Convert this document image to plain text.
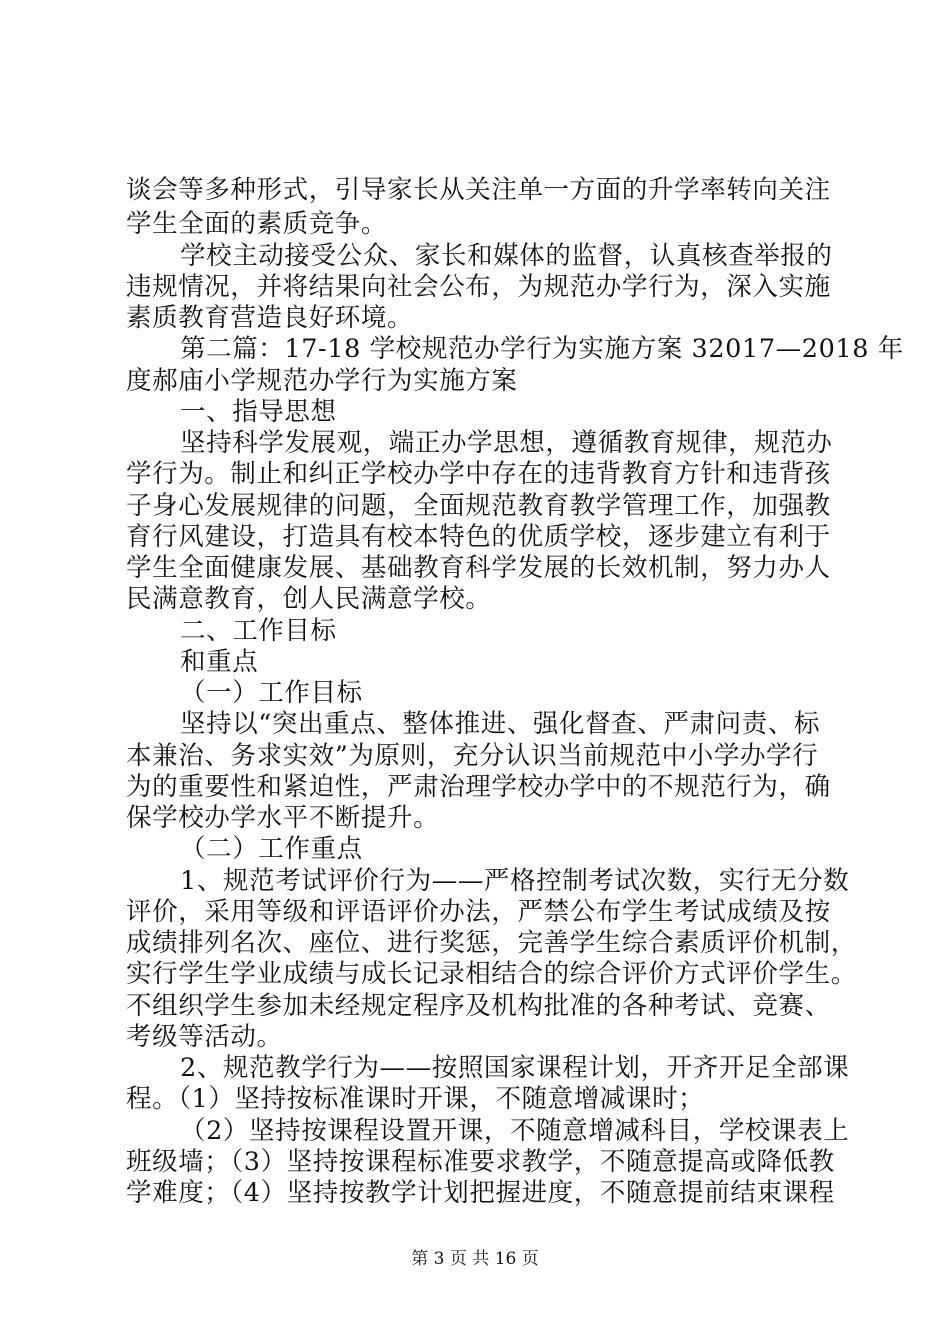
谈会等多种形式，引导家长从关注单一方面的升学率转向关注
学生全面的素质竞争。
学校主动接受公众、家长和媒体的监督，认真核查举报的
违规情况，并将结果向社会公布，为规范办学行为，深入实施
素质教育营造良好环境。
第二篇：17-18 学校规范办学行为实施方案 32017—2018 年
度郝庙小学规范办学行为实施方案
一、指导思想
坚持科学发展观，端正办学思想，遵循教育规律，规范办
学行为。制止和纠正学校办学中存在的违背教育方针和违背孩
子身心发展规律的问题，全面规范教育教学管理工作，加强教
育行风建设，打造具有校本特色的优质学校，逐步建立有利于
学生全面健康发展、基础教育科学发展的长效机制，努力办人
民满意教育，创人民满意学校。
二、工作目标
和重点
（一）工作目标
坚持以“突出重点、整体推进、强化督查、严肃问责、标
本兼治、务求实效”为原则，充分认识当前规范中小学办学行
为的重要性和紧迫性，严肃治理学校办学中的不规范行为，确
保学校办学水平不断提升。
（二）工作重点
1、规范考试评价行为——严格控制考试次数，实行无分数
评价，采用等级和评语评价办法，严禁公布学生考试成绩及按
成绩排列名次、座位、进行奖惩，完善学生综合素质评价机制，
实行学生学业成绩与成长记录相结合的综合评价方式评价学生。
不组织学生参加未经规定程序及机构批准的各种考试、竞赛、
考级等活动。
2、规范教学行为——按照国家课程计划，开齐开足全部课
程。（1）坚持按标准课时开课，不随意增减课时；
（2）坚持按课程设置开课，不随意增减科目，学校课表上
班级墙；（3）坚持按课程标准要求教学，不随意提高或降低教
学难度；（4）坚持按教学计划把握进度，不随意提前结束课程
第 3 页 共 16 页
